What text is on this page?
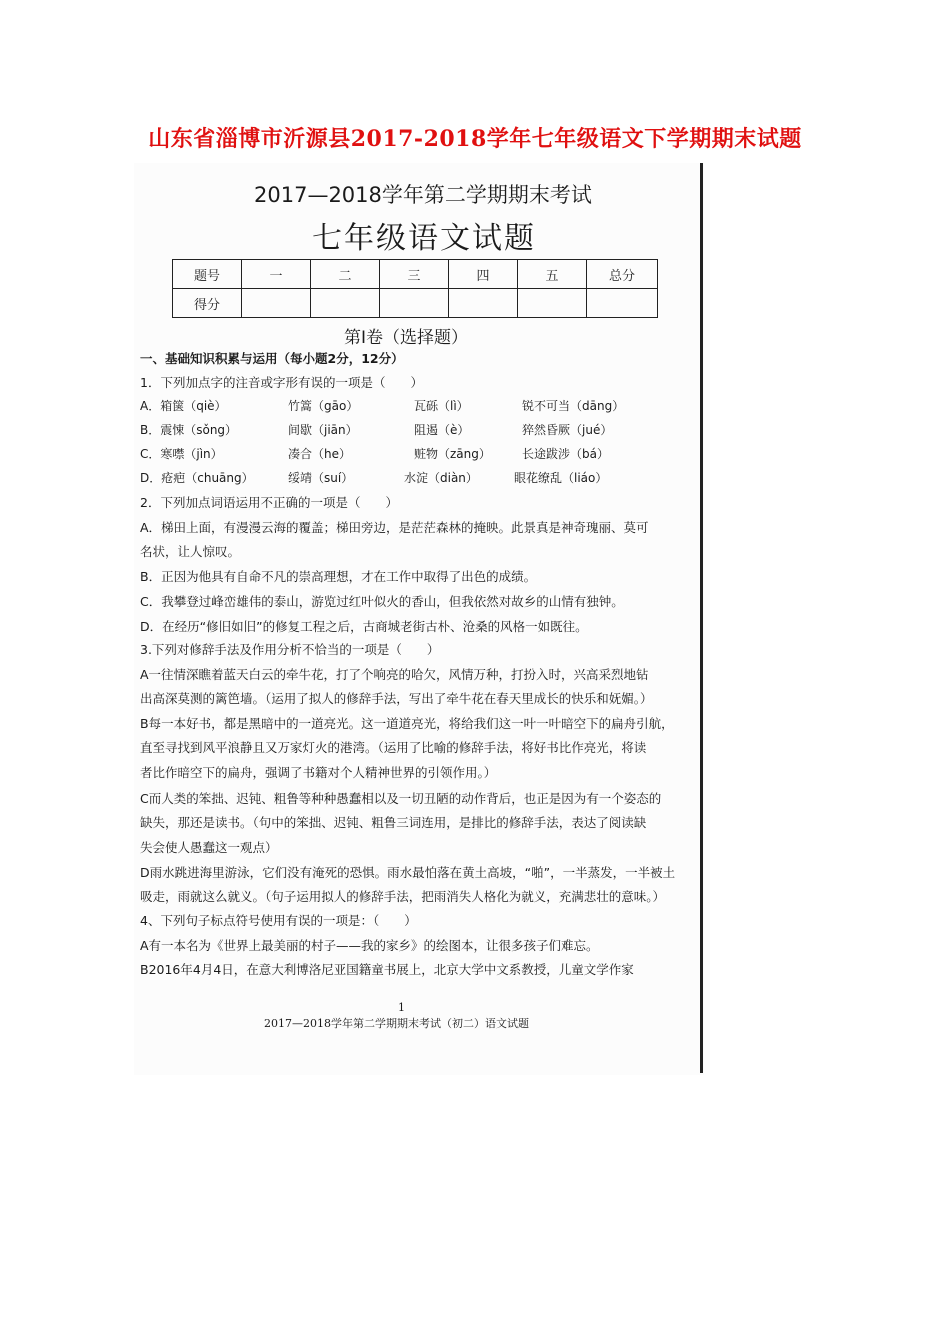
山东省淄博市沂源县2017-2018学年七年级语文下学期期末试题
2017—2018学年第二学期期末考试
七年级语文试题
题号	一	二	三	四	五	总分
得分						
第Ⅰ卷（选择题）
一、基础知识积累与运用（每小题2分，12分）
1．下列加点字的注音或字形有误的一项是（　　）
A．箱箧（qiè）	竹篙（gāo）	瓦砾（lì）	锐不可当（dāng）
B．震悚（sǒng）	间歇（jiān）	阻遏（è）	猝然昏厥（jué）
C．寒噤（jìn）	凑合（he）	赃物（zāng）	长途跋涉（bá）
D．疮疤（chuāng）	绥靖（suí）	水淀（diàn）	眼花缭乱（liáo）
2．下列加点词语运用不正确的一项是（　　）
A．梯田上面，有漫漫云海的覆盖；梯田旁边，是茫茫森林的掩映。此景真是神奇瑰丽、莫可
名状，让人惊叹。
B．正因为他具有自命不凡的崇高理想，才在工作中取得了出色的成绩。
C．我攀登过峰峦雄伟的泰山，游览过红叶似火的香山，但我依然对故乡的山情有独钟。
D．在经历“修旧如旧”的修复工程之后，古商城老街古朴、沧桑的风格一如既往。
3.下列对修辞手法及作用分析不恰当的一项是（　　）
A一往情深瞧着蓝天白云的牵牛花，打了个响亮的哈欠，风情万种，打扮入时，兴高采烈地钻
出高深莫测的篱笆墙。（运用了拟人的修辞手法，写出了牵牛花在春天里成长的快乐和妩媚。）
B每一本好书，都是黑暗中的一道亮光。这一道道亮光，将给我们这一叶一叶暗空下的扁舟引航，
直至寻找到风平浪静且又万家灯火的港湾。（运用了比喻的修辞手法，将好书比作亮光，将读
者比作暗空下的扁舟，强调了书籍对个人精神世界的引领作用。）
C而人类的笨拙、迟钝、粗鲁等种种愚蠢相以及一切丑陋的动作背后，也正是因为有一个姿态的
缺失，那还是读书。（句中的笨拙、迟钝、粗鲁三词连用，是排比的修辞手法，表达了阅读缺
失会使人愚蠢这一观点）
D雨水跳进海里游泳，它们没有淹死的恐惧。雨水最怕落在黄土高坡，“啪”，一半蒸发，一半被土
吸走，雨就这么就义。（句子运用拟人的修辞手法，把雨消失人格化为就义，充满悲壮的意味。）
4、下列句子标点符号使用有误的一项是：（　　）
A有一本名为《世界上最美丽的村子——我的家乡》的绘图本，让很多孩子们难忘。
B2016年4月4日，在意大利博洛尼亚国籍童书展上，北京大学中文系教授，儿童文学作家
1
2017—2018学年第二学期期末考试（初二）语文试题
